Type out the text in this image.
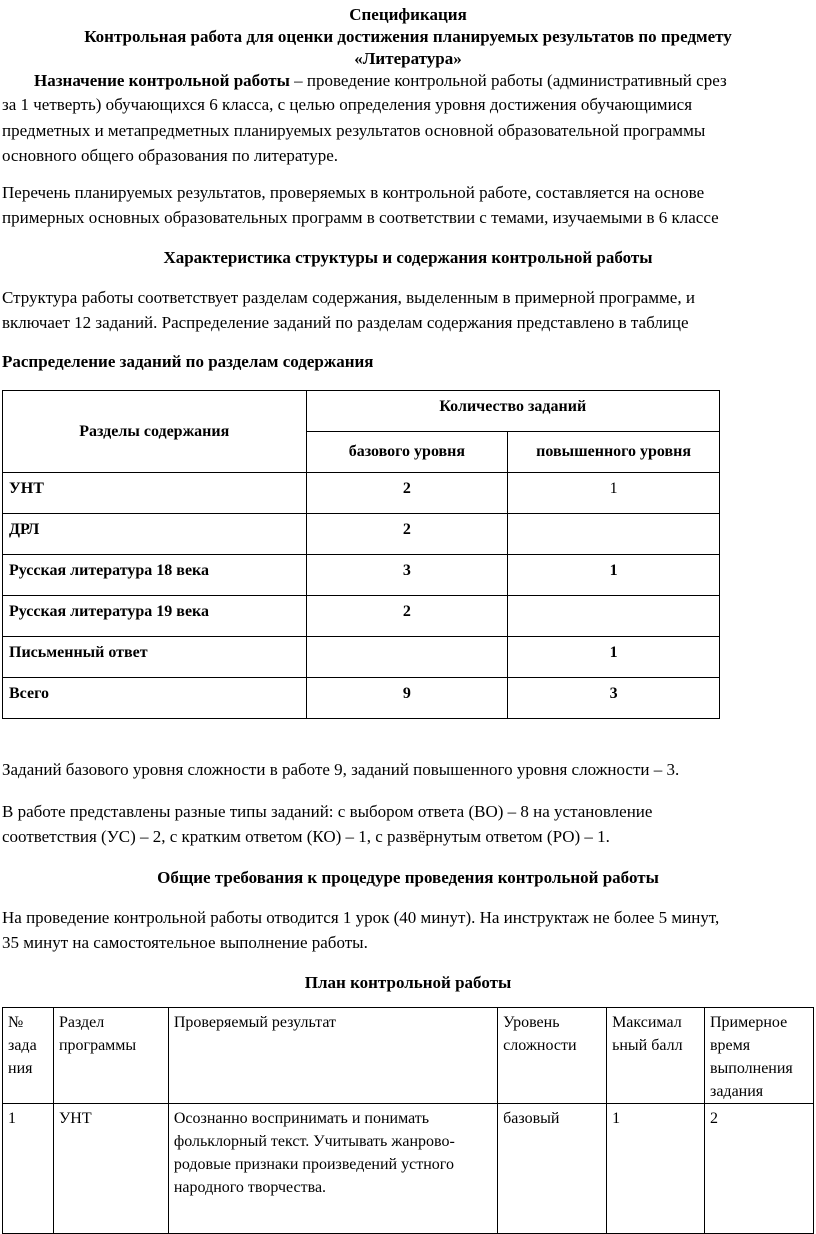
Спецификация
Контрольная работа для оценки достижения планируемых результатов по предмету
«Литература»
Назначение контрольной работы – проведение контрольной работы (административный срез
за 1 четверть) обучающихся 6 класса, с целью определения уровня достижения обучающимися
предметных и метапредметных планируемых результатов основной образовательной программы
основного общего образования по литературе.
Перечень планируемых результатов, проверяемых в контрольной работе, составляется на основе
примерных основных образовательных программ в соответствии с темами, изучаемыми в 6 классе
Характеристика структуры и содержания контрольной работы
Структура работы соответствует разделам содержания, выделенным в примерной программе, и
включает 12 заданий. Распределение заданий по разделам содержания представлено в таблице
Распределение заданий по разделам содержания
Разделы содержания	Количество заданий	
	базового уровня	повышенного уровня
УНТ	2	1
ДРЛ	2	
Русская литература 18 века	3	1
Русская литература 19 века	2	
Письменный ответ		1
Всего	9	3
Заданий базового уровня сложности в работе 9, заданий повышенного уровня сложности – 3.
В работе представлены разные типы заданий: с выбором ответа (ВО) – 8 на установление
соответствия (УС) – 2, с кратким ответом (КО) – 1, с развёрнутым ответом (РО) – 1.
Общие требования к процедуре проведения контрольной работы
На проведение контрольной работы отводится 1 урок (40 минут). На инструктаж не более 5 минут,
35 минут на самостоятельное выполнение работы.
План контрольной работы
№ зада ния	Раздел программы	Проверяемый результат	Уровень сложности	Максимал ьный балл	Примерное время выполнения задания
1	УНТ	Осознанно воспринимать и понимать фольклорный текст. Учитывать жанрово-родовые признаки произведений устного народного творчества.	базовый	1	2
